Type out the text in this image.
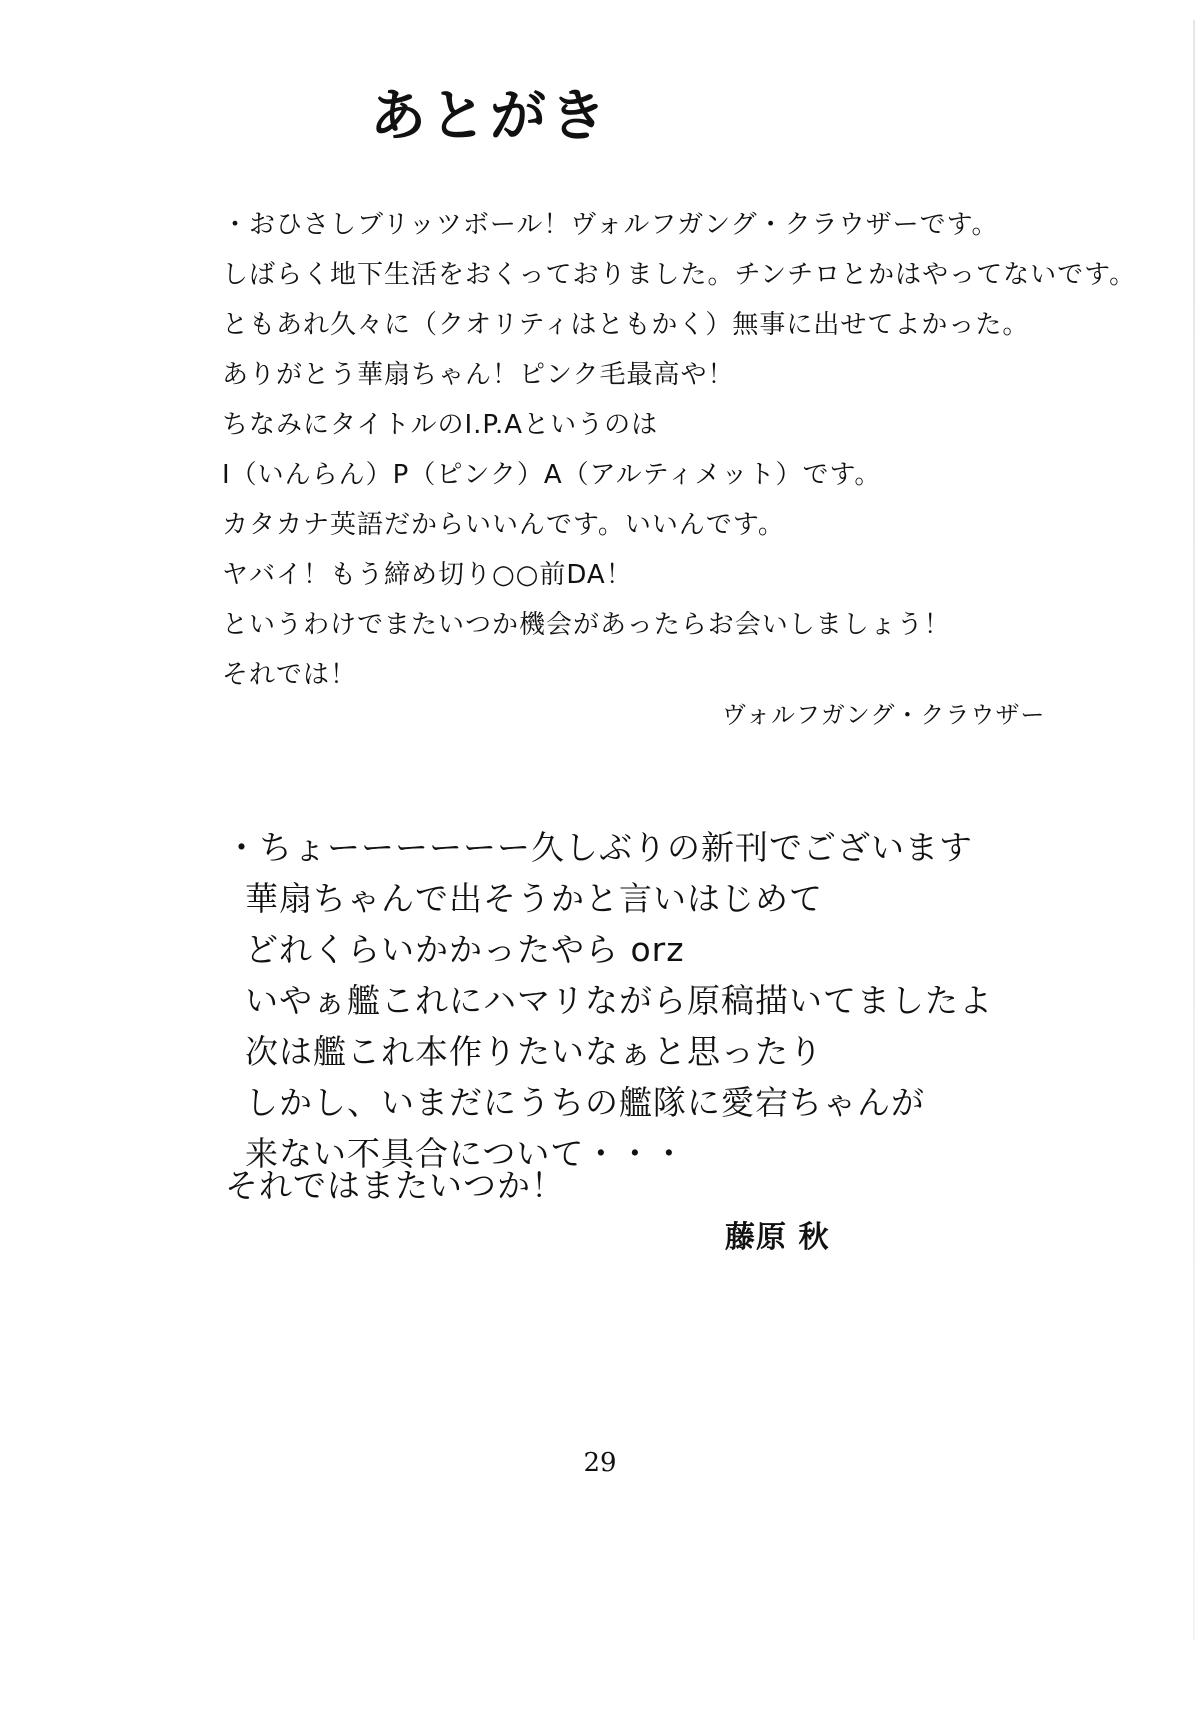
あとがき
・おひさしブリッツボール！ヴォルフガング・クラウザーです。
しばらく地下生活をおくっておりました。チンチロとかはやってないです。
ともあれ久々に（クオリティはともかく）無事に出せてよかった。
ありがとう華扇ちゃん！ピンク毛最高や！
ちなみにタイトルのI.P.Aというのは
I（いんらん）P（ピンク）A（アルティメット）です。
カタカナ英語だからいいんです。いいんです。
ヤバイ！もう締め切り○○前DA！
というわけでまたいつか機会があったらお会いしましょう！
それでは！
ヴォルフガング・クラウザー
・ちょーーーーーー久しぶりの新刊でございます
華扇ちゃんで出そうかと言いはじめて
どれくらいかかったやら orz
いやぁ艦これにハマリながら原稿描いてましたよ
次は艦これ本作りたいなぁと思ったり
しかし、いまだにうちの艦隊に愛宕ちゃんが
来ない不具合について・・・
それではまたいつか！
藤原 秋
29
